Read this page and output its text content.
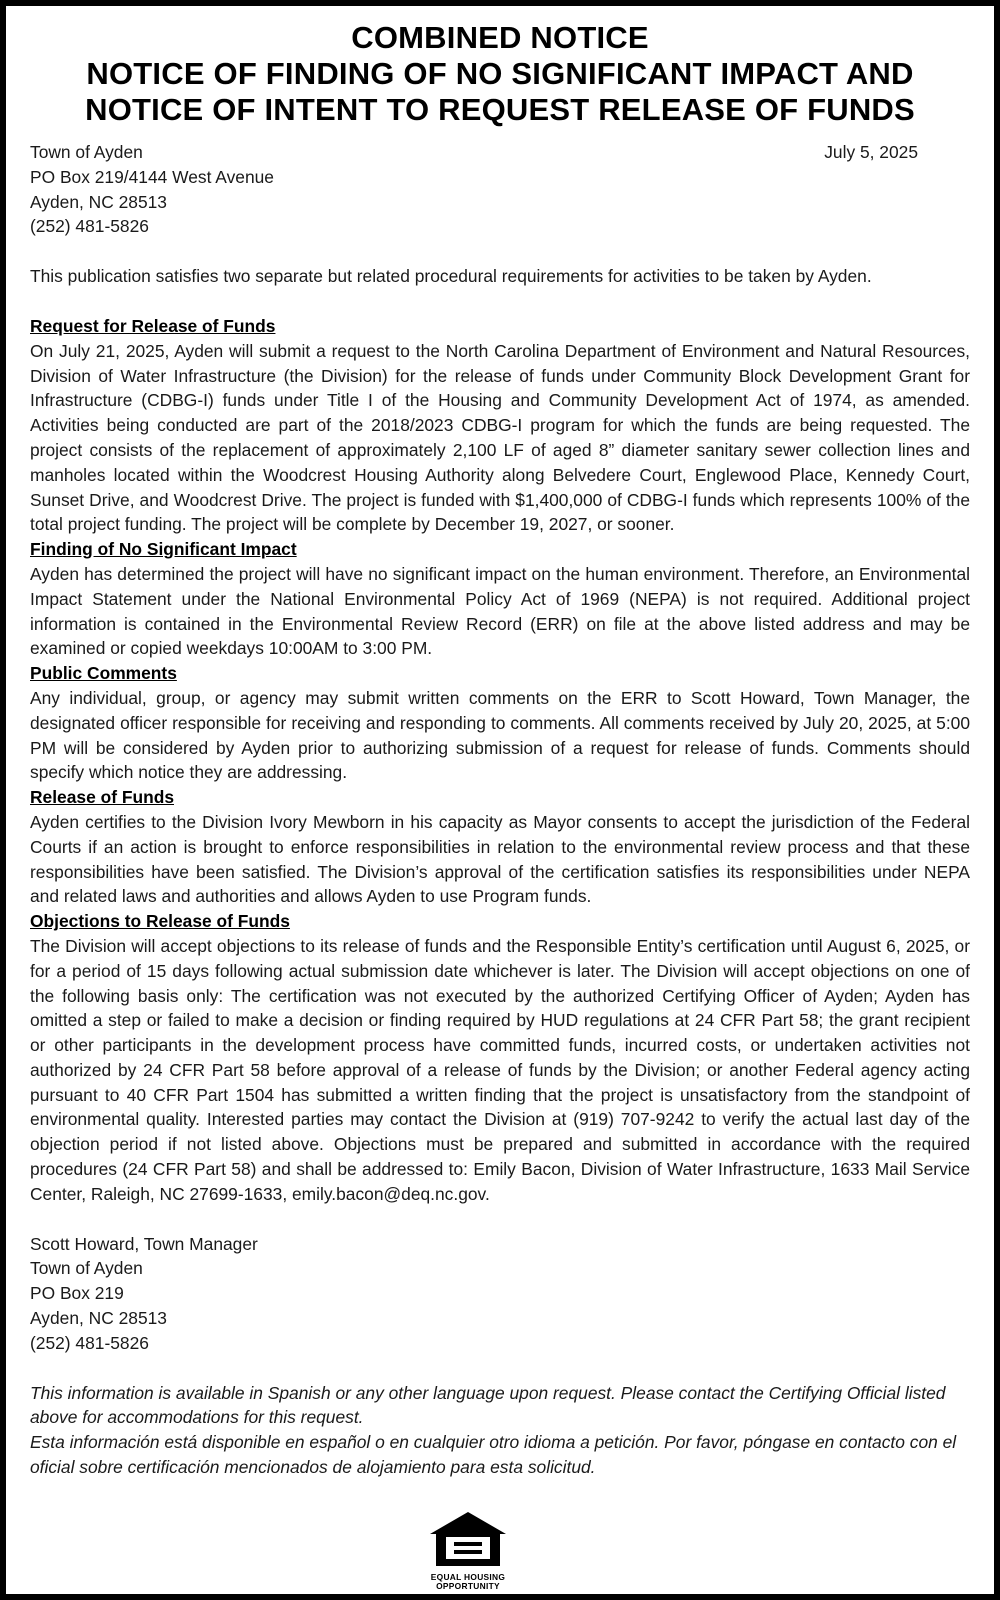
COMBINED NOTICE
NOTICE OF FINDING OF NO SIGNIFICANT IMPACT AND
NOTICE OF INTENT TO REQUEST RELEASE OF FUNDS
Town of Ayden	July 5, 2025
PO Box 219/4144 West Avenue
Ayden, NC 28513
(252) 481-5826

This publication satisfies two separate but related procedural requirements for activities to be taken by Ayden.

Request for Release of Funds

On July 21, 2025, Ayden will submit a request to the North Carolina Department of Environment and Natural Resources, Division of Water Infrastructure (the Division) for the release of funds under Community Block Development Grant for Infrastructure (CDBG-I) funds under Title I of the Housing and Community Development Act of 1974, as amended. Activities being conducted are part of the 2018/2023 CDBG-I program for which the funds are being requested. The project consists of the replacement of approximately 2,100 LF of aged 8” diameter sanitary sewer collection lines and manholes located within the Woodcrest Housing Authority along Belvedere Court, Englewood Place, Kennedy Court, Sunset Drive, and Woodcrest Drive. The project is funded with $1,400,000 of CDBG-I funds which represents 100% of the total project funding. The project will be complete by December 19, 2027, or sooner.

Finding of No Significant Impact

Ayden has determined the project will have no significant impact on the human environment. Therefore, an Environmental Impact Statement under the National Environmental Policy Act of 1969 (NEPA) is not required. Additional project information is contained in the Environmental Review Record (ERR) on file at the above listed address and may be examined or copied weekdays 10:00AM to 3:00 PM.

Public Comments

Any individual, group, or agency may submit written comments on the ERR to Scott Howard, Town Manager, the designated officer responsible for receiving and responding to comments. All comments received by July 20, 2025, at 5:00 PM will be considered by Ayden prior to authorizing submission of a request for release of funds. Comments should specify which notice they are addressing.

Release of Funds

Ayden certifies to the Division Ivory Mewborn in his capacity as Mayor consents to accept the jurisdiction of the Federal Courts if an action is brought to enforce responsibilities in relation to the environmental review process and that these responsibilities have been satisfied. The Division’s approval of the certification satisfies its responsibilities under NEPA and related laws and authorities and allows Ayden to use Program funds.

Objections to Release of Funds

The Division will accept objections to its release of funds and the Responsible Entity’s certification until August 6, 2025, or for a period of 15 days following actual submission date whichever is later. The Division will accept objections on one of the following basis only: The certification was not executed by the authorized Certifying Officer of Ayden; Ayden has omitted a step or failed to make a decision or finding required by HUD regulations at 24 CFR Part 58; the grant recipient or other participants in the development process have committed funds, incurred costs, or undertaken activities not authorized by 24 CFR Part 58 before approval of a release of funds by the Division; or another Federal agency acting pursuant to 40 CFR Part 1504 has submitted a written finding that the project is unsatisfactory from the standpoint of environmental quality. Interested parties may contact the Division at (919) 707-9242 to verify the actual last day of the objection period if not listed above. Objections must be prepared and submitted in accordance with the required procedures (24 CFR Part 58) and shall be addressed to: Emily Bacon, Division of Water Infrastructure, 1633 Mail Service Center, Raleigh, NC 27699-1633, emily.bacon@deq.nc.gov.

Scott Howard, Town Manager
Town of Ayden
PO Box 219
Ayden, NC 28513
(252) 481-5826

This information is available in Spanish or any other language upon request. Please contact the Certifying Official listed above for accommodations for this request.

Esta información está disponible en español o en cualquier otro idioma a petición. Por favor, póngase en contacto con el oficial sobre certificación mencionados de alojamiento para esta solicitud.

EQUAL HOUSING
OPPORTUNITY
